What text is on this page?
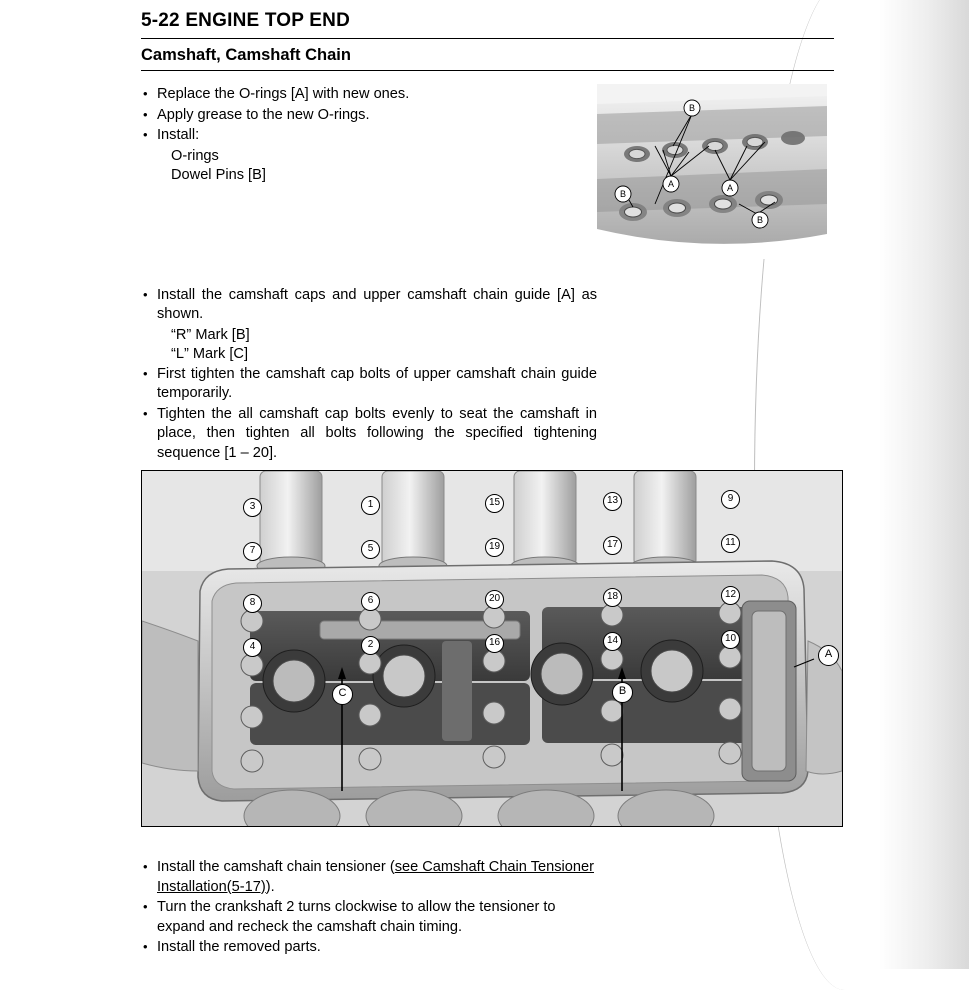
5-22 ENGINE TOP END
Camshaft, Camshaft Chain
• Replace the O-rings [A] with new ones.
• Apply grease to the new O-rings.
• Install:
O-rings
Dowel Pins [B]
• Install the camshaft caps and upper camshaft chain guide [A] as shown.
“R” Mark [B]
“L” Mark [C]
• First tighten the camshaft cap bolts of upper camshaft chain guide temporarily.
• Tighten the all camshaft cap bolts evenly to seat the camshaft in place, then tighten all bolts following the specified tightening sequence [1 – 20].
• Install the camshaft chain tensioner (see Camshaft Chain Tensioner Installation(5-17)).
• Turn the crankshaft 2 turns clockwise to allow the tensioner to expand and recheck the camshaft chain timing.
• Install the removed parts.
B
A	A
B
B
3	1	15	13	9
7	5	19	17	11
8	6	20	18	12
4	2	16	14	10
C	B
A
